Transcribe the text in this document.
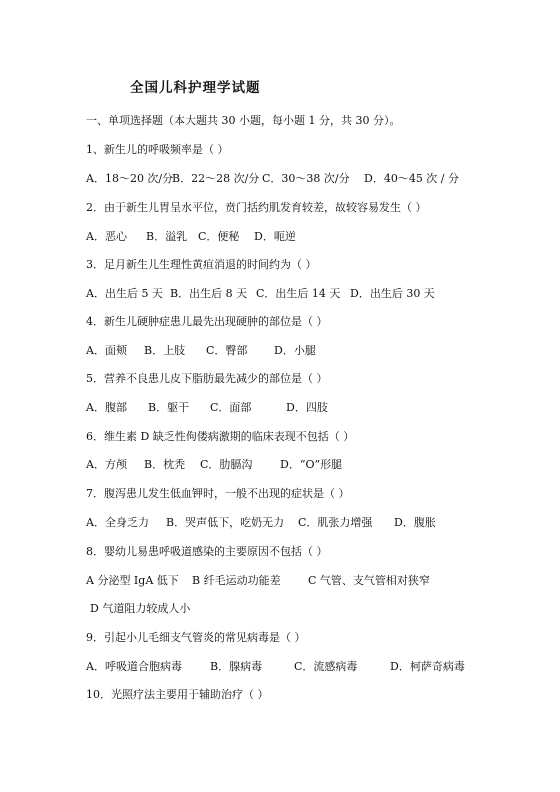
全国儿科护理学试题
一、单项选择题（本大题共 30 小题，每小题 1 分，共 30 分）。
1、新生儿的呼吸频率是（ ）
A．18～20 次/分B．22～28 次/分 C．30～38 次/分 D．40～45 次 / 分
2．由于新生儿胃呈水平位，贲门括约肌发育较差，故较容易发生（ ）
A．恶心 B．溢乳 C．便秘 D．呃逆
3．足月新生儿生理性黄疸消退的时间约为（ ）
A．出生后 5 天 B．出生后 8 天 C．出生后 14 天 D．出生后 30 天
4．新生儿硬肿症患儿最先出现硬肿的部位是（ ）
A．面颊 B．上肢 C．臀部 D．小腿
5．营养不良患儿皮下脂肪最先减少的部位是（ ）
A．腹部 B．躯干 C．面部	D．四肢
6．维生素 D 缺乏性佝偻病激期的临床表现不包括（ ）
A．方颅 B．枕秃 C．肋膈沟	D．“O”形腿
7．腹泻患儿发生低血钾时，一般不出现的症状是（ ）
A．全身乏力 B．哭声低下，吃奶无力 C．肌张力增强 D．腹胀
8．婴幼儿易患呼吸道感染的主要原因不包括（ ）
A 分泌型 IgA 低下 B 纤毛运动功能差 C 气管、支气管相对狭窄
D 气道阻力较成人小
9．引起小儿毛细支气管炎的常见病毒是（ ）
A．呼吸道合胞病毒	B．腺病毒	C．流感病毒	D．柯萨奇病毒
10．光照疗法主要用于辅助治疗（ ）
